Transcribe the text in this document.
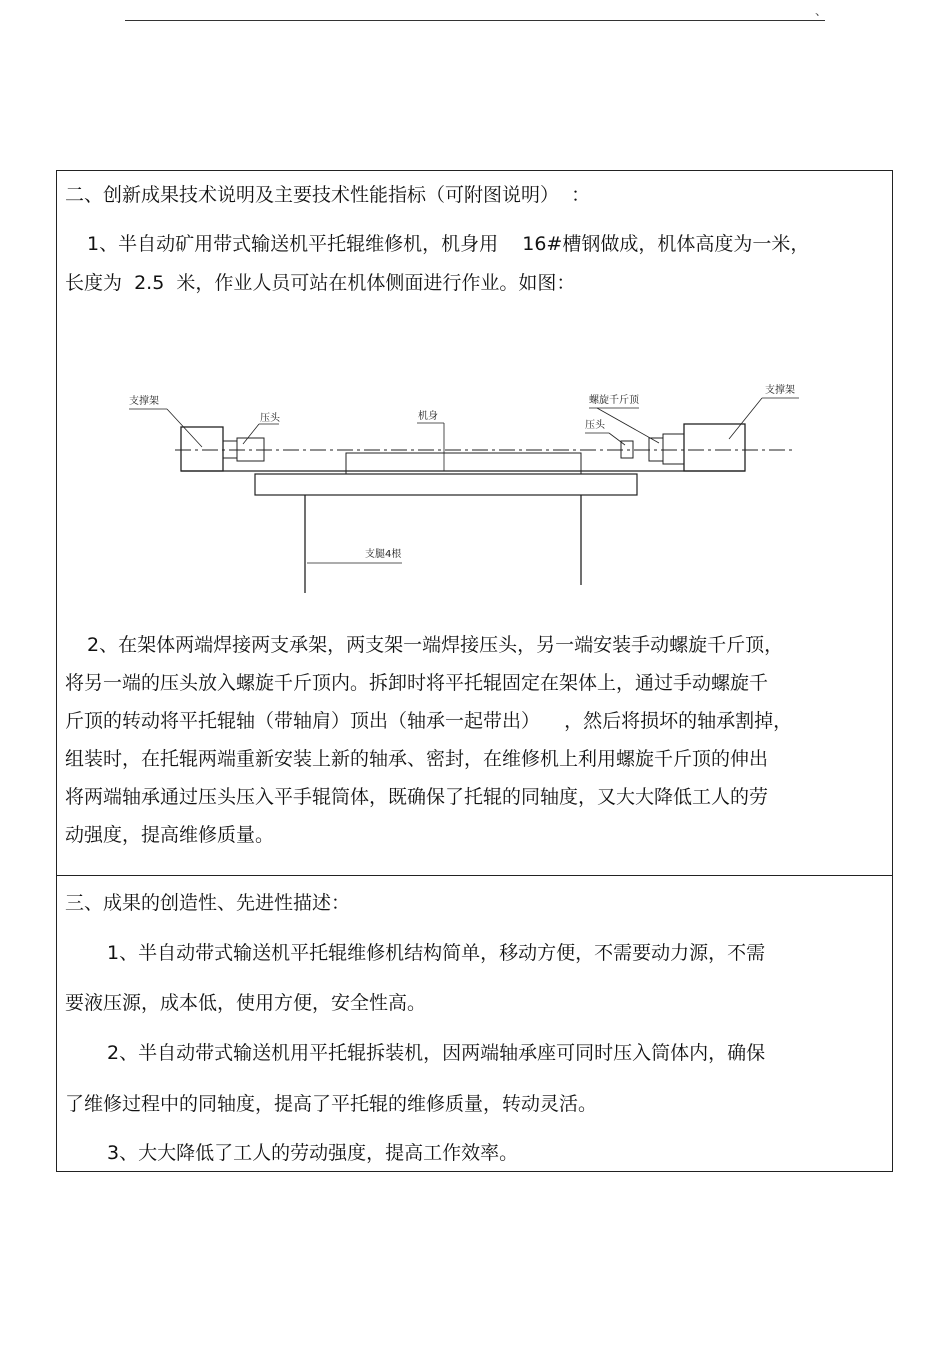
、
二、创新成果技术说明及主要技术性能指标（可附图说明）  ：
1、半自动矿用带式输送机平托辊维修机，机身用    16#槽钢做成，机体高度为一米，
长度为  2.5  米，作业人员可站在机体侧面进行作业。如图：
支撑架
压头	机身
螺旋千斤顶
压头
支撑架
支腿4根
2、在架体两端焊接两支承架，两支架一端焊接压头，另一端安装手动螺旋千斤顶，
将另一端的压头放入螺旋千斤顶内。拆卸时将平托辊固定在架体上，通过手动螺旋千
斤顶的转动将平托辊轴（带轴肩）顶出（轴承一起带出）    ，然后将损坏的轴承割掉，
组装时，在托辊两端重新安装上新的轴承、密封，在维修机上利用螺旋千斤顶的伸出
将两端轴承通过压头压入平手辊筒体，既确保了托辊的同轴度，又大大降低工人的劳
动强度，提高维修质量。
三、成果的创造性、先进性描述：
1、半自动带式输送机平托辊维修机结构简单，移动方便，不需要动力源，不需
要液压源，成本低，使用方便，安全性高。
2、半自动带式输送机用平托辊拆装机，因两端轴承座可同时压入筒体内，确保
了维修过程中的同轴度，提高了平托辊的维修质量，转动灵活。
3、大大降低了工人的劳动强度，提高工作效率。
